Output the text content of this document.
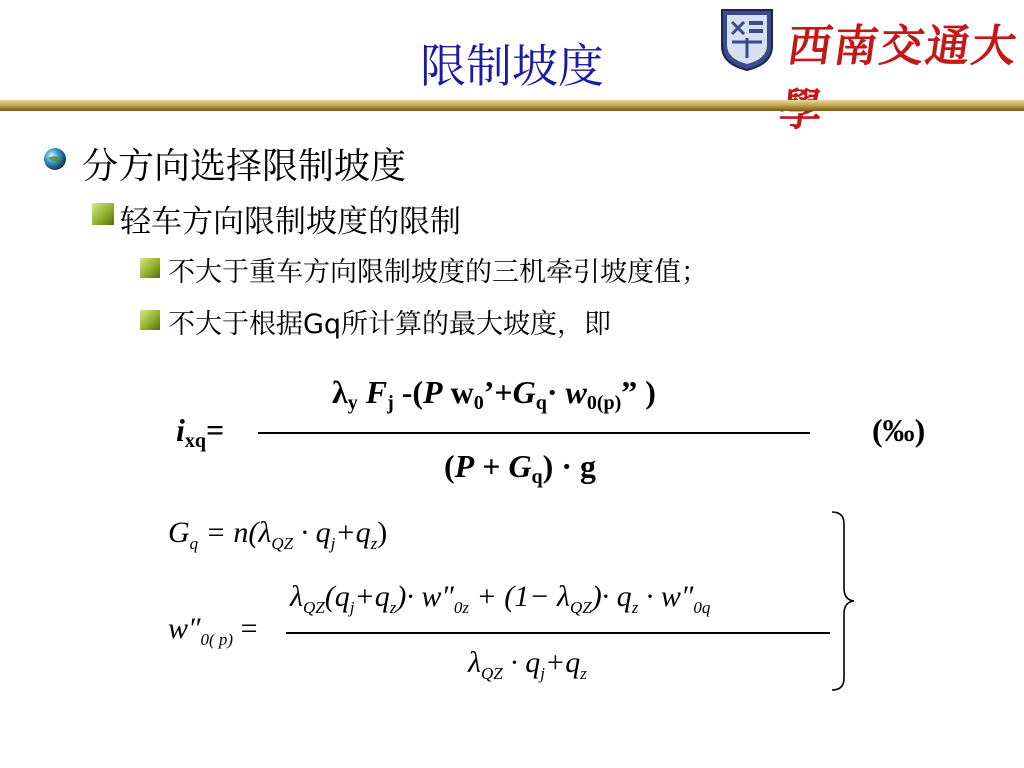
限制坡度	西南交通大學
分方向选择限制坡度
轻车方向限制坡度的限制
不大于重车方向限制坡度的三机牵引坡度值；
不大于根据Gq所计算的最大坡度，即
$\lambda_y$ $F_j$ -(P $w_0’+G_q\cdot w_{0(p)}$” )
$i_{xq}=$
$(P + G_q) \cdot g$
(‰)
$G_q = n(\lambda_{QZ} \cdot q_j+q_z)$
$\lambda_{QZ}(q_j+q_z)\cdot w''_{0z} + (1- \lambda_{QZ})\cdot q_z \cdot w''_{0q}$
$w''_{0( p)}$ =
$\lambda_{QZ} \cdot q_j+q_z$
